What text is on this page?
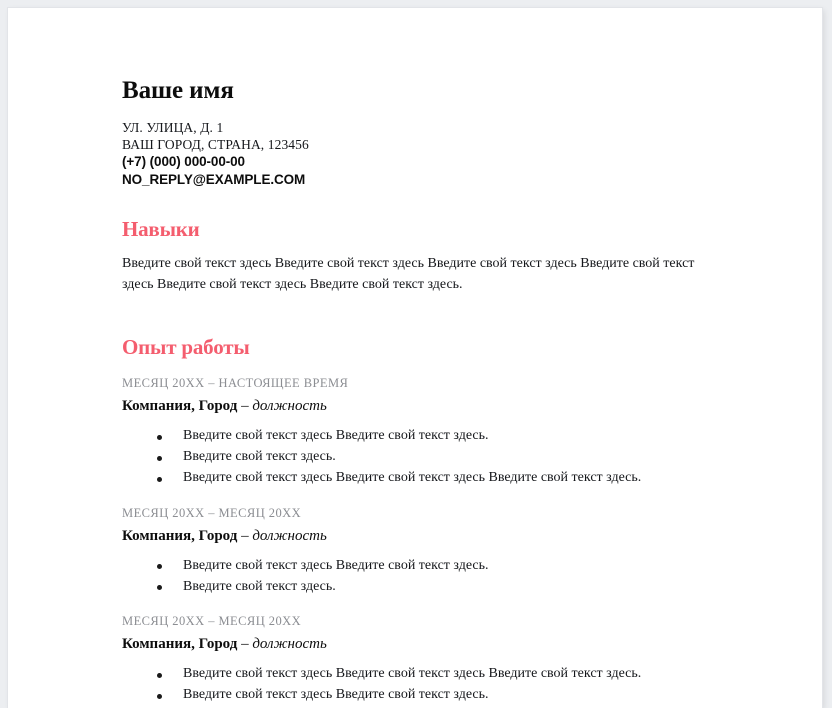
Ваше имя
УЛ. УЛИЦА, Д. 1
ВАШ ГОРОД, СТРАНА, 123456
(+7) (000) 000-00-00
NO_REPLY@EXAMPLE.COM
Навыки

Введите свой текст здесь Введите свой текст здесь Введите свой текст здесь Введите свой текст здесь Введите свой текст здесь Введите свой текст здесь.

Опыт работы
МЕСЯЦ 20XX – НАСТОЯЩЕЕ ВРЕМЯ
Компания, Город – должность
Введите свой текст здесь Введите свой текст здесь.
Введите свой текст здесь.
Введите свой текст здесь Введите свой текст здесь Введите свой текст здесь.
МЕСЯЦ 20XX – МЕСЯЦ 20XX
Компания, Город – должность
Введите свой текст здесь Введите свой текст здесь.
Введите свой текст здесь.
МЕСЯЦ 20XX – МЕСЯЦ 20XX
Компания, Город – должность
Введите свой текст здесь Введите свой текст здесь Введите свой текст здесь.
Введите свой текст здесь Введите свой текст здесь.
